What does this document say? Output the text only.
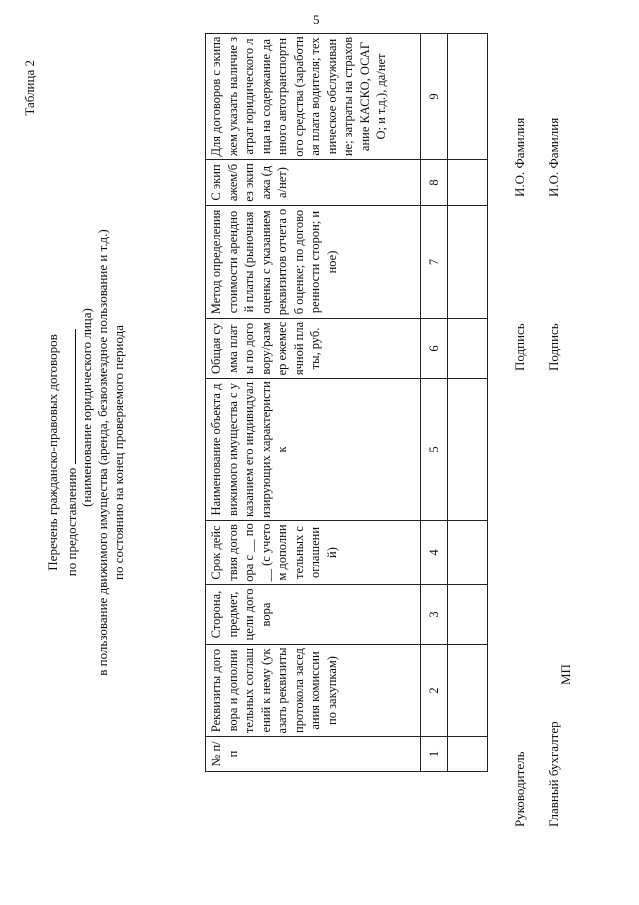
5
Таблица 2
Перечень гражданско-правовых договоров по предоставлению
(наименование юридического лица) в пользование движимого имущества (аренда, безвозмездное пользование и т.д.) по состоянию на конец проверяемого периода
№ п/п	Реквизиты договора и дополнительных соглашений к нему (указать реквизиты протокола заседания комиссии по закупкам)	Сторона, предмет, цели договора	Срок действия договора с __ по __ (с учетом дополнительных соглашений)	Наименование объекта движимого имущества с указанием его индивидуализирующих характеристик	Общая сумма платы по договору/размер ежемесячной платы, руб.	Метод определения стоимости арендной платы (рыночная оценка с указанием реквизитов отчета об оценке; по договоренности сторон; иное)	С экипажем/без экипажа (да/нет)	Для договоров с экипажем указать наличие затрат юридического лица на содержание данного автотранспортного средства (заработная плата водителя; техническое обслуживание; затраты на страхование КАСКО, ОСАГО; и т.д.), да/нет
1	2	3	4	5	6	7	8	9

Руководитель
Подпись
И.О. Фамилия
Главный бухгалтер
Подпись
И.О. Фамилия
МП
